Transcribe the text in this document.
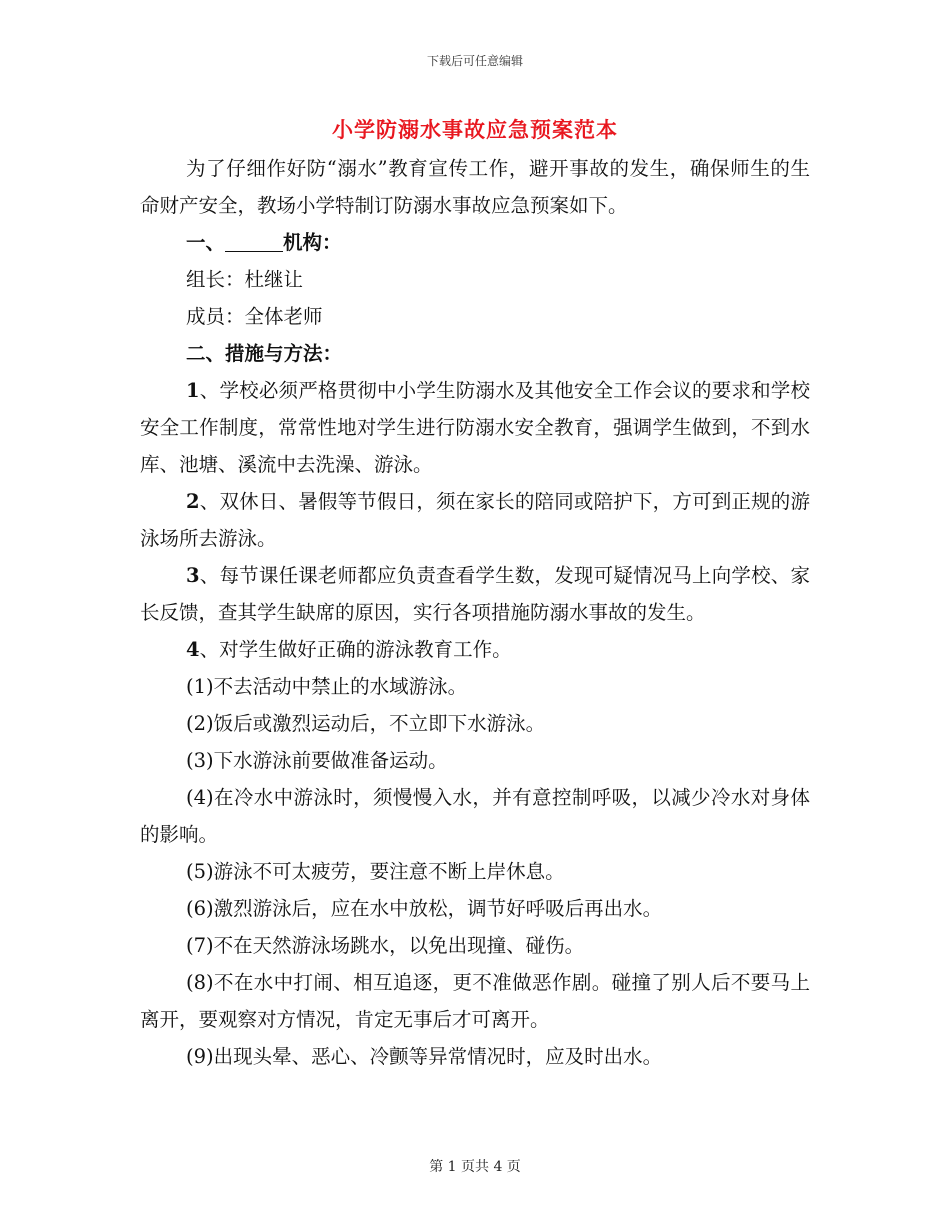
下载后可任意编辑
小学防溺水事故应急预案范本

为了仔细作好防“溺水”教育宣传工作，避开事故的发生，确保师生的生命财产安全，教场小学特制订防溺水事故应急预案如下。

一、	机构：

组长：杜继让

成员：全体老师

二、措施与方法：

1、学校必须严格贯彻中小学生防溺水及其他安全工作会议的要求和学校安全工作制度，常常性地对学生进行防溺水安全教育，强调学生做到，不到水库、池塘、溪流中去洗澡、游泳。

2、双休日、暑假等节假日，须在家长的陪同或陪护下，方可到正规的游泳场所去游泳。

3、每节课任课老师都应负责查看学生数，发现可疑情况马上向学校、家长反馈，查其学生缺席的原因，实行各项措施防溺水事故的发生。

4、对学生做好正确的游泳教育工作。

(1)不去活动中禁止的水域游泳。

(2)饭后或激烈运动后，不立即下水游泳。

(3)下水游泳前要做准备运动。

(4)在冷水中游泳时，须慢慢入水，并有意控制呼吸，以减少冷水对身体的影响。

(5)游泳不可太疲劳，要注意不断上岸休息。

(6)激烈游泳后，应在水中放松，调节好呼吸后再出水。

(7)不在天然游泳场跳水，以免出现撞、碰伤。

(8)不在水中打闹、相互追逐，更不准做恶作剧。碰撞了别人后不要马上离开，要观察对方情况，肯定无事后才可离开。

(9)出现头晕、恶心、冷颤等异常情况时，应及时出水。

第 1 页共 4 页
